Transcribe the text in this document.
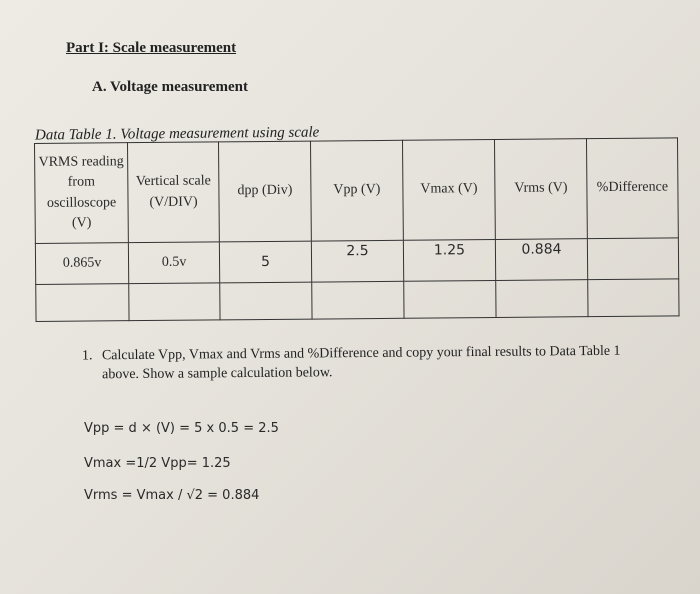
Part I: Scale measurement
A. Voltage measurement
Data Table 1. Voltage measurement using scale
VRMS reading from oscilloscope (V)	Vertical scale (V/DIV)	dpp (Div)	Vpp (V)	Vmax (V)	Vrms (V)	%Difference
0.865v	0.5v	5	2.5	1.25	0.884	

1. Calculate Vpp, Vmax and Vrms and %Difference and copy your final results to Data Table 1 above. Show a sample calculation below.
Vpp = d × (V) = 5 x 0.5 = 2.5
Vmax =1/2 Vpp= 1.25
Vrms = Vmax / √2 = 0.884
